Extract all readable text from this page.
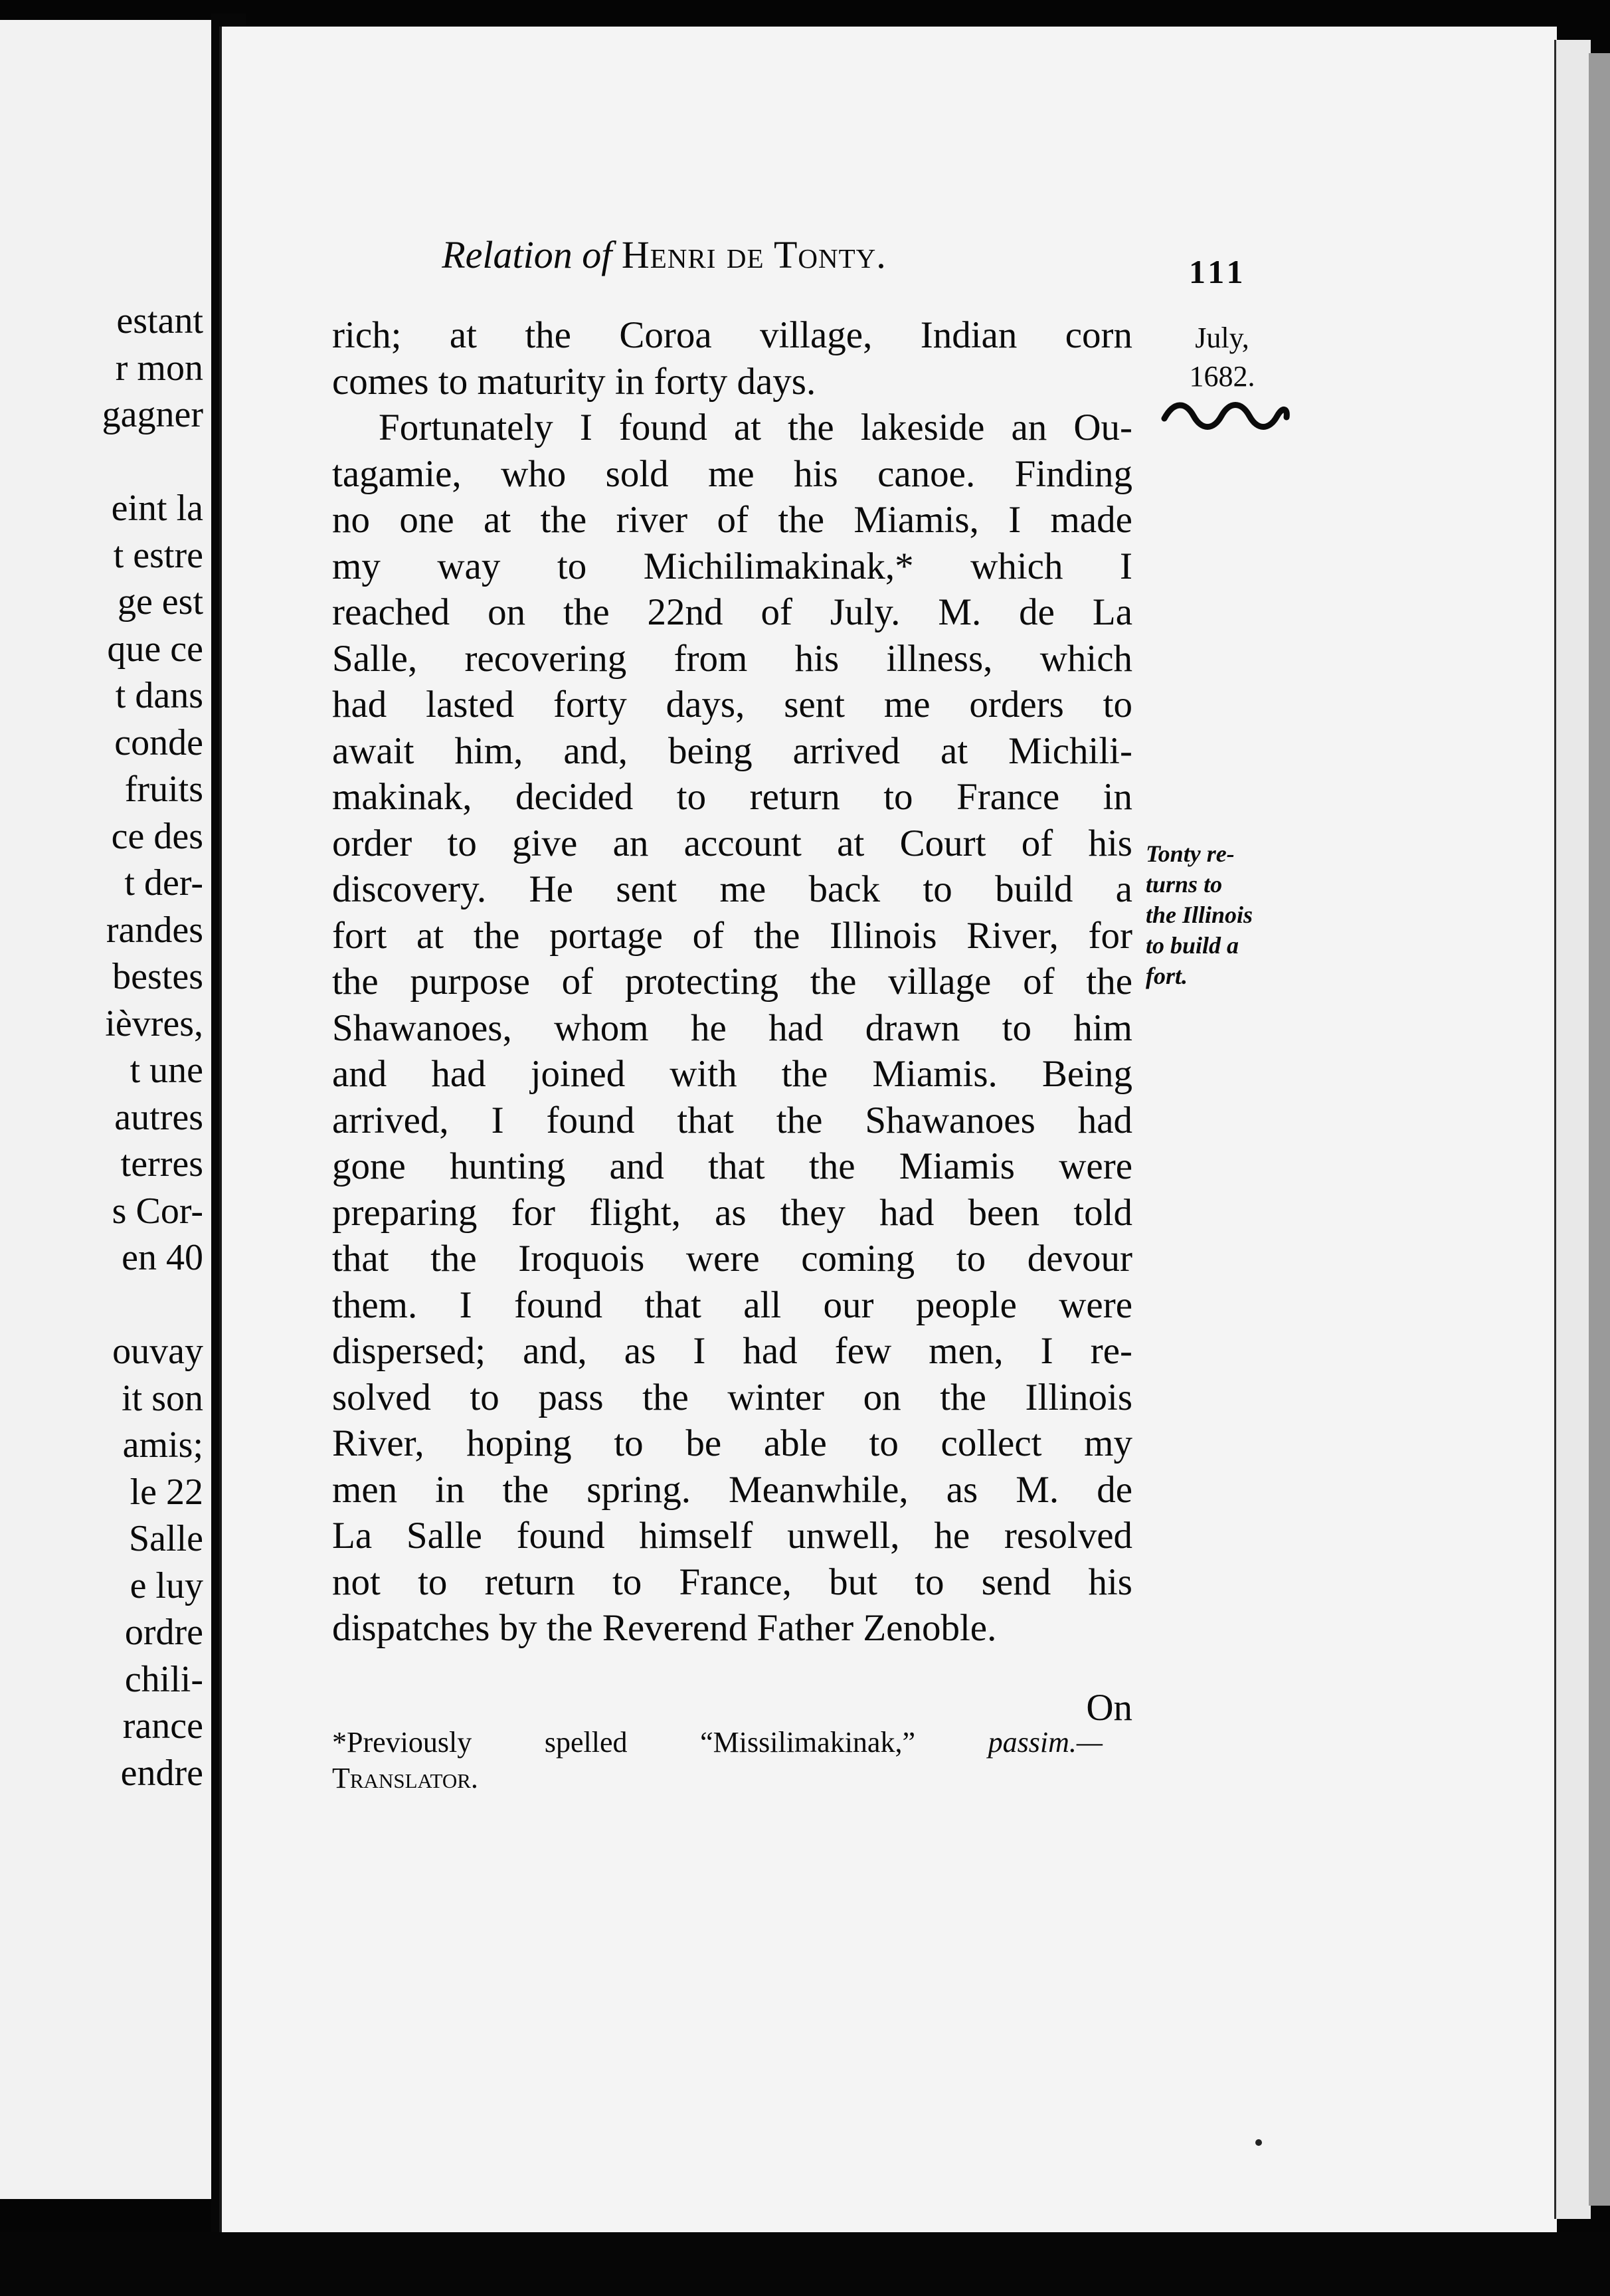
estant
r mon
gagner
eint la
t estre
ge est
que ce
t dans
conde
fruits
ce des
t der-
randes
bestes
ièvres,
t une
autres
terres
s Cor-
en 40
ouvay
it son
amis;
le 22
Salle
e luy
ordre
chili-
rance
endre
Relation of Henri de Tonty.	111
July,
1682.
Tonty re-
turns to
the Illinois
to build a
fort.
rich; at the Coroa village, Indian corn
comes to maturity in forty days.
Fortunately I found at the lakeside an Ou-
tagamie, who sold me his canoe. Finding
no one at the river of the Miamis, I made
my way to Michilimakinak,* which I
reached on the 22nd of July. M. de La
Salle, recovering from his illness, which
had lasted forty days, sent me orders to
await him, and, being arrived at Michili-
makinak, decided to return to France in
order to give an account at Court of his
discovery. He sent me back to build a
fort at the portage of the Illinois River, for
the purpose of protecting the village of the
Shawanoes, whom he had drawn to him
and had joined with the Miamis. Being
arrived, I found that the Shawanoes had
gone hunting and that the Miamis were
preparing for flight, as they had been told
that the Iroquois were coming to devour
them. I found that all our people were
dispersed; and, as I had few men, I re-
solved to pass the winter on the Illinois
River, hoping to be able to collect my
men in the spring. Meanwhile, as M. de
La Salle found himself unwell, he resolved
not to return to France, but to send his
dispatches by the Reverend Father Zenoble.
On
*Previously spelled “Missilimakinak,” passim.—
Translator.
